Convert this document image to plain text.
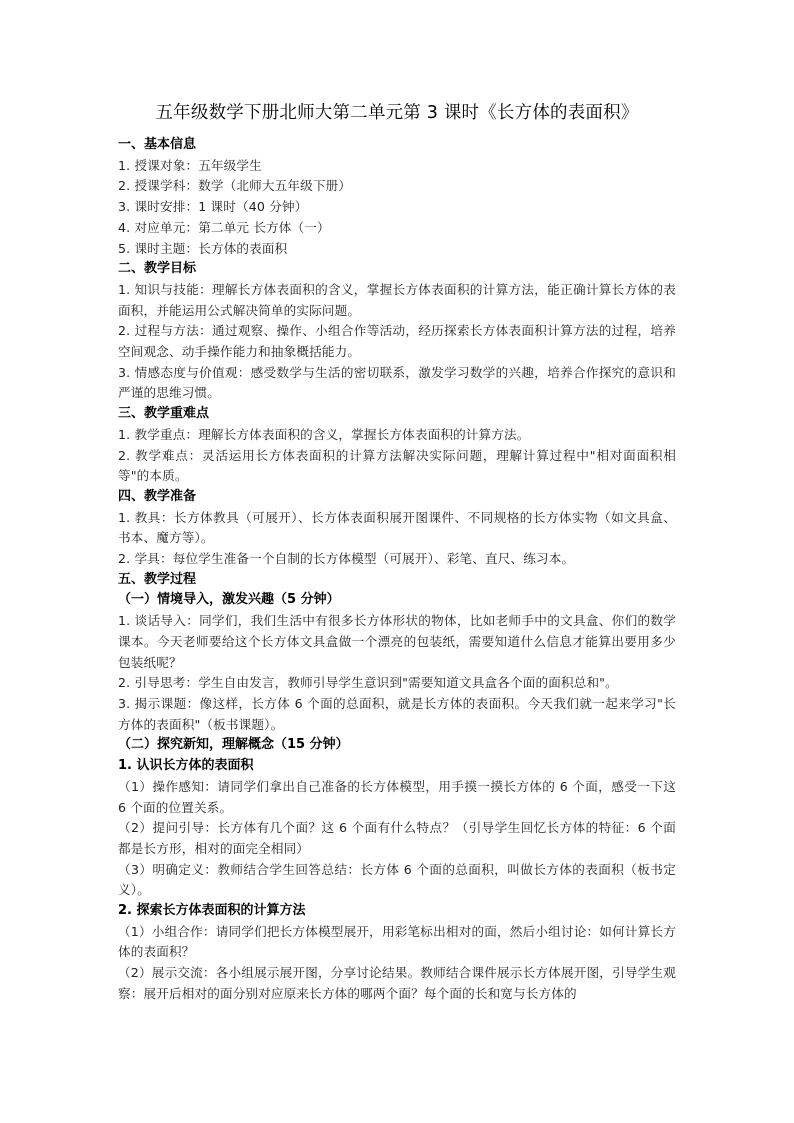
五年级数学下册北师大第二单元第 3 课时《长方体的表面积》
一、基本信息
1. 授课对象：五年级学生
2. 授课学科：数学（北师大五年级下册）
3. 课时安排：1 课时（40 分钟）
4. 对应单元：第二单元 长方体（一）
5. 课时主题：长方体的表面积
二、教学目标
1. 知识与技能：理解长方体表面积的含义，掌握长方体表面积的计算方法，能正确计算长方体的表面积，并能运用公式解决简单的实际问题。
2. 过程与方法：通过观察、操作、小组合作等活动，经历探索长方体表面积计算方法的过程，培养空间观念、动手操作能力和抽象概括能力。
3. 情感态度与价值观：感受数学与生活的密切联系，激发学习数学的兴趣，培养合作探究的意识和严谨的思维习惯。
三、教学重难点
1. 教学重点：理解长方体表面积的含义，掌握长方体表面积的计算方法。
2. 教学难点：灵活运用长方体表面积的计算方法解决实际问题，理解计算过程中"相对面面积相等"的本质。
四、教学准备
1. 教具：长方体教具（可展开）、长方体表面积展开图课件、不同规格的长方体实物（如文具盒、书本、魔方等）。
2. 学具：每位学生准备一个自制的长方体模型（可展开）、彩笔、直尺、练习本。
五、教学过程
（一）情境导入，激发兴趣（5 分钟）
1. 谈话导入：同学们，我们生活中有很多长方体形状的物体，比如老师手中的文具盒、你们的数学课本。今天老师要给这个长方体文具盒做一个漂亮的包装纸，需要知道什么信息才能算出要用多少包装纸呢？
2. 引导思考：学生自由发言，教师引导学生意识到"需要知道文具盒各个面的面积总和"。
3. 揭示课题：像这样，长方体 6 个面的总面积，就是长方体的表面积。今天我们就一起来学习"长方体的表面积"（板书课题）。
（二）探究新知，理解概念（15 分钟）
1. 认识长方体的表面积
（1）操作感知：请同学们拿出自己准备的长方体模型，用手摸一摸长方体的 6 个面，感受一下这 6 个面的位置关系。
（2）提问引导：长方体有几个面？这 6 个面有什么特点？（引导学生回忆长方体的特征：6 个面都是长方形，相对的面完全相同）
（3）明确定义：教师结合学生回答总结：长方体 6 个面的总面积，叫做长方体的表面积（板书定义）。
2. 探索长方体表面积的计算方法
（1）小组合作：请同学们把长方体模型展开，用彩笔标出相对的面，然后小组讨论：如何计算长方体的表面积？
（2）展示交流：各小组展示展开图，分享讨论结果。教师结合课件展示长方体展开图，引导学生观察：展开后相对的面分别对应原来长方体的哪两个面？每个面的长和宽与长方体的
